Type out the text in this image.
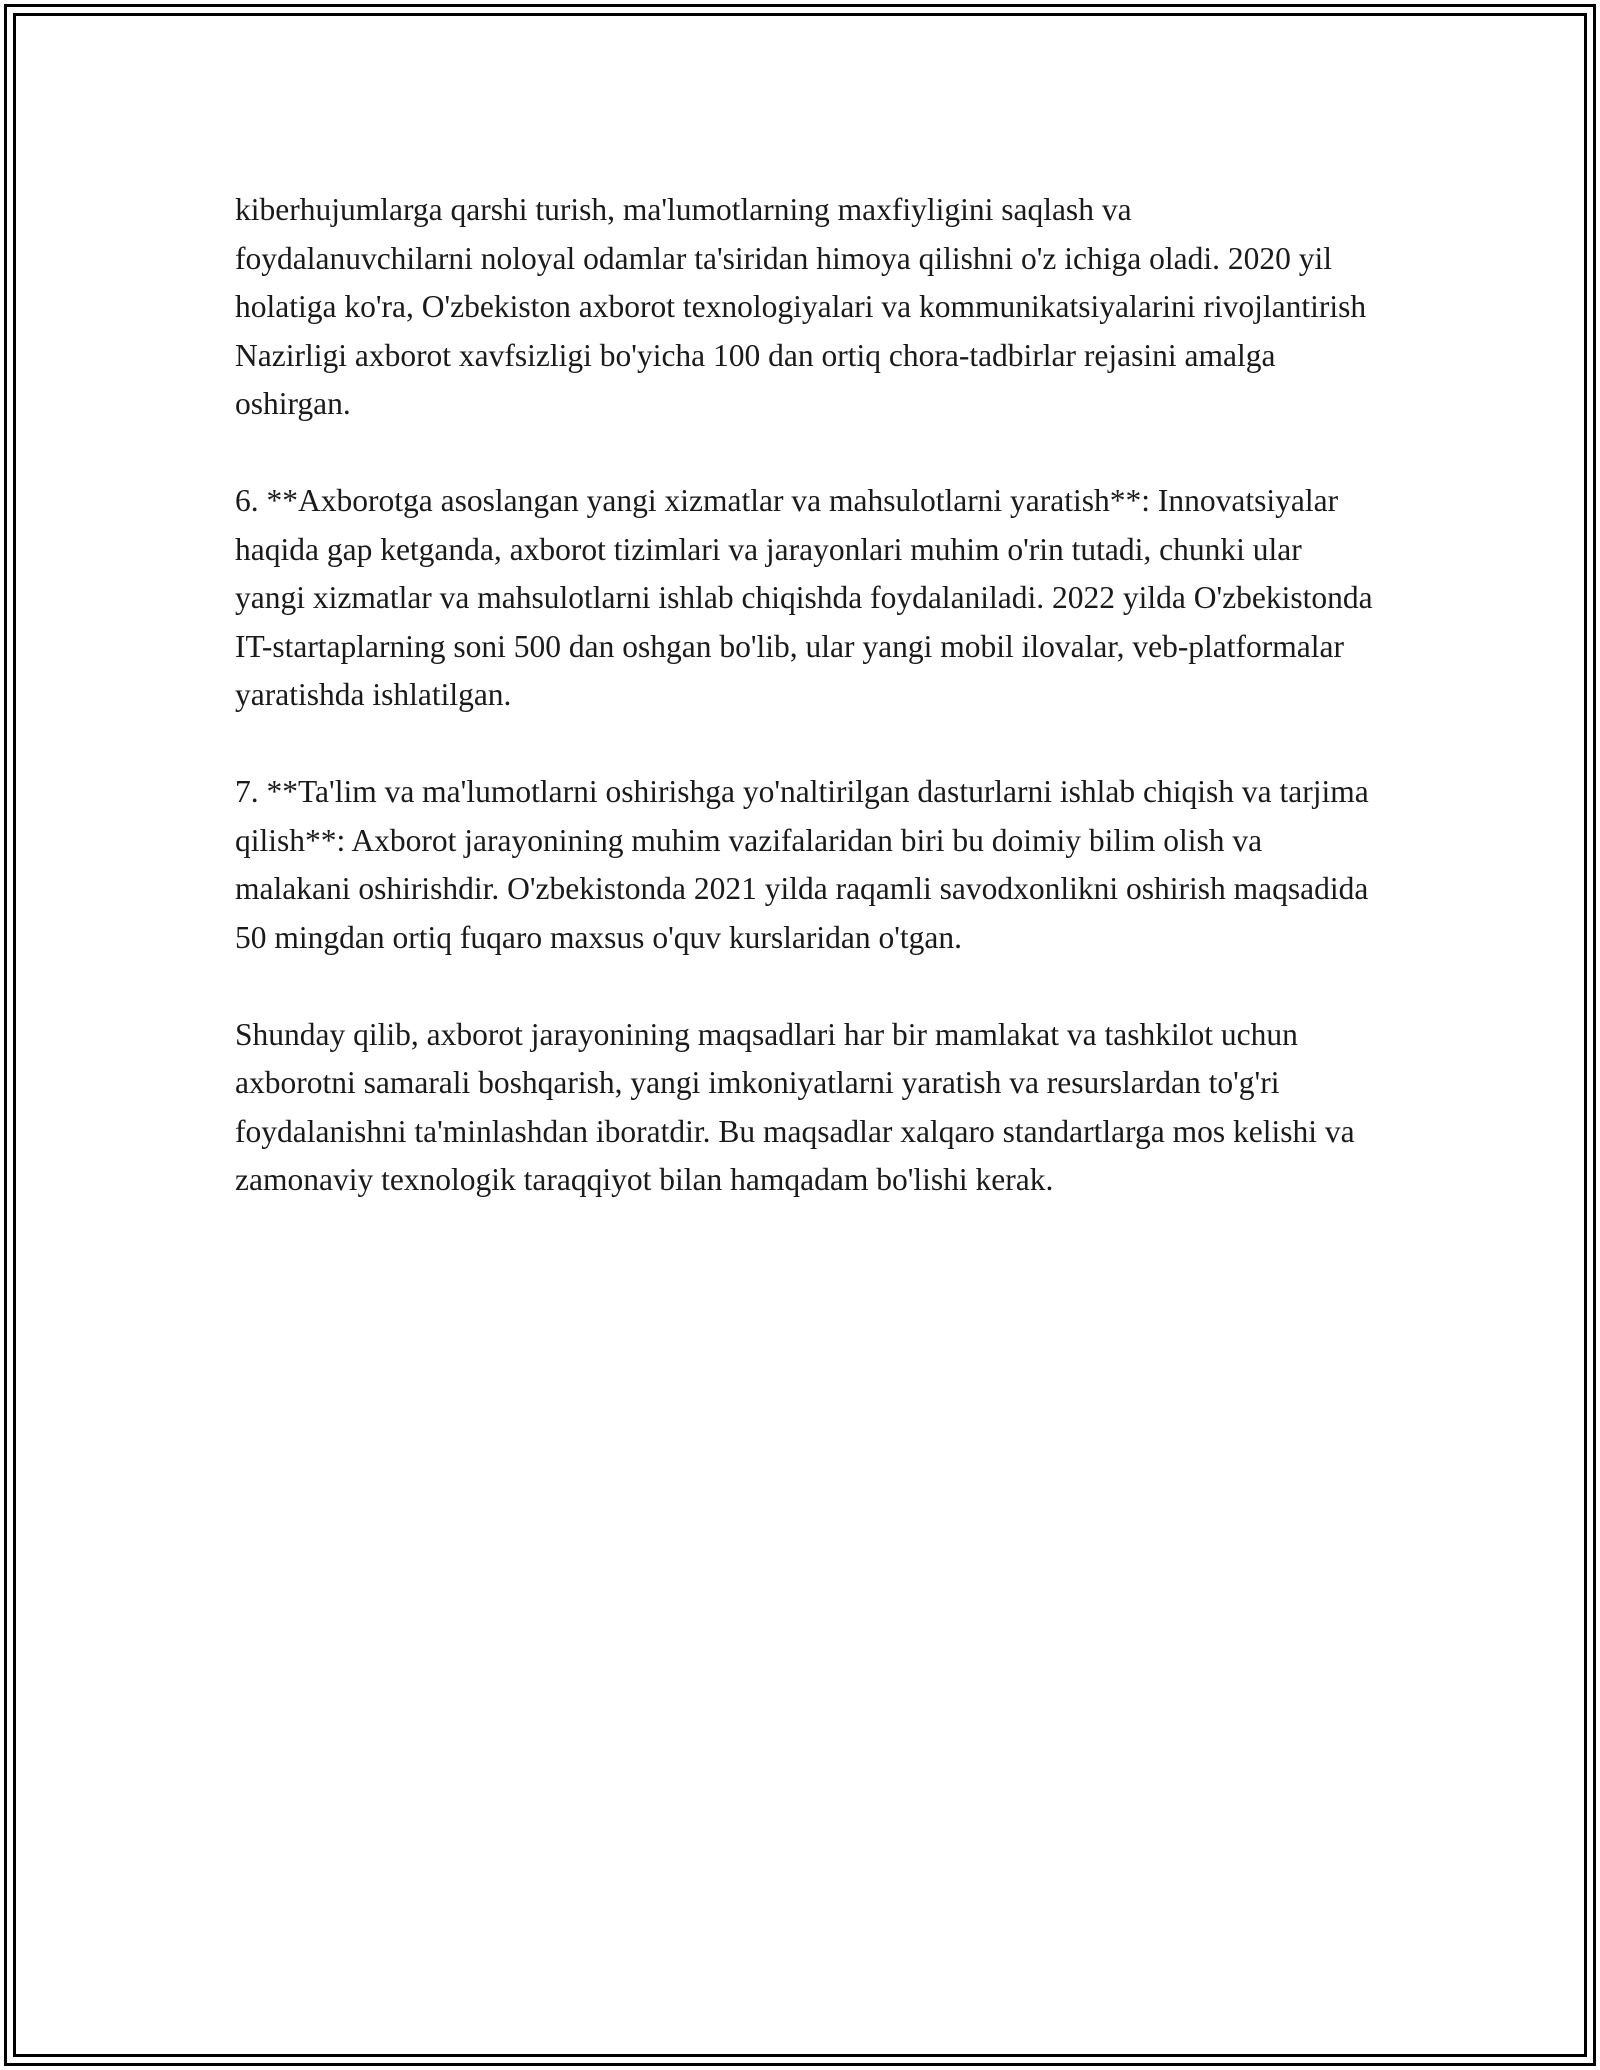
kiberhujumlarga qarshi turish, ma'lumotlarning maxfiyligini saqlash va foydalanuvchilarni noloyal odamlar ta'siridan himoya qilishni o'z ichiga oladi. 2020 yil holatiga ko'ra, O'zbekiston axborot texnologiyalari va kommunikatsiyalarini rivojlantirish Nazirligi axborot xavfsizligi bo'yicha 100 dan ortiq chora-tadbirlar rejasini amalga oshirgan.

6. **Axborotga asoslangan yangi xizmatlar va mahsulotlarni yaratish**: Innovatsiyalar haqida gap ketganda, axborot tizimlari va jarayonlari muhim o'rin tutadi, chunki ular yangi xizmatlar va mahsulotlarni ishlab chiqishda foydalaniladi. 2022 yilda O'zbekistonda IT-startaplarning soni 500 dan oshgan bo'lib, ular yangi mobil ilovalar, veb-platformalar yaratishda ishlatilgan.

7. **Ta'lim va ma'lumotlarni oshirishga yo'naltirilgan dasturlarni ishlab chiqish va tarjima qilish**: Axborot jarayonining muhim vazifalaridan biri bu doimiy bilim olish va malakani oshirishdir. O'zbekistonda 2021 yilda raqamli savodxonlikni oshirish maqsadida 50 mingdan ortiq fuqaro maxsus o'quv kurslaridan o'tgan.

Shunday qilib, axborot jarayonining maqsadlari har bir mamlakat va tashkilot uchun axborotni samarali boshqarish, yangi imkoniyatlarni yaratish va resurslardan to'g'ri foydalanishni ta'minlashdan iboratdir. Bu maqsadlar xalqaro standartlarga mos kelishi va zamonaviy texnologik taraqqiyot bilan hamqadam bo'lishi kerak.
